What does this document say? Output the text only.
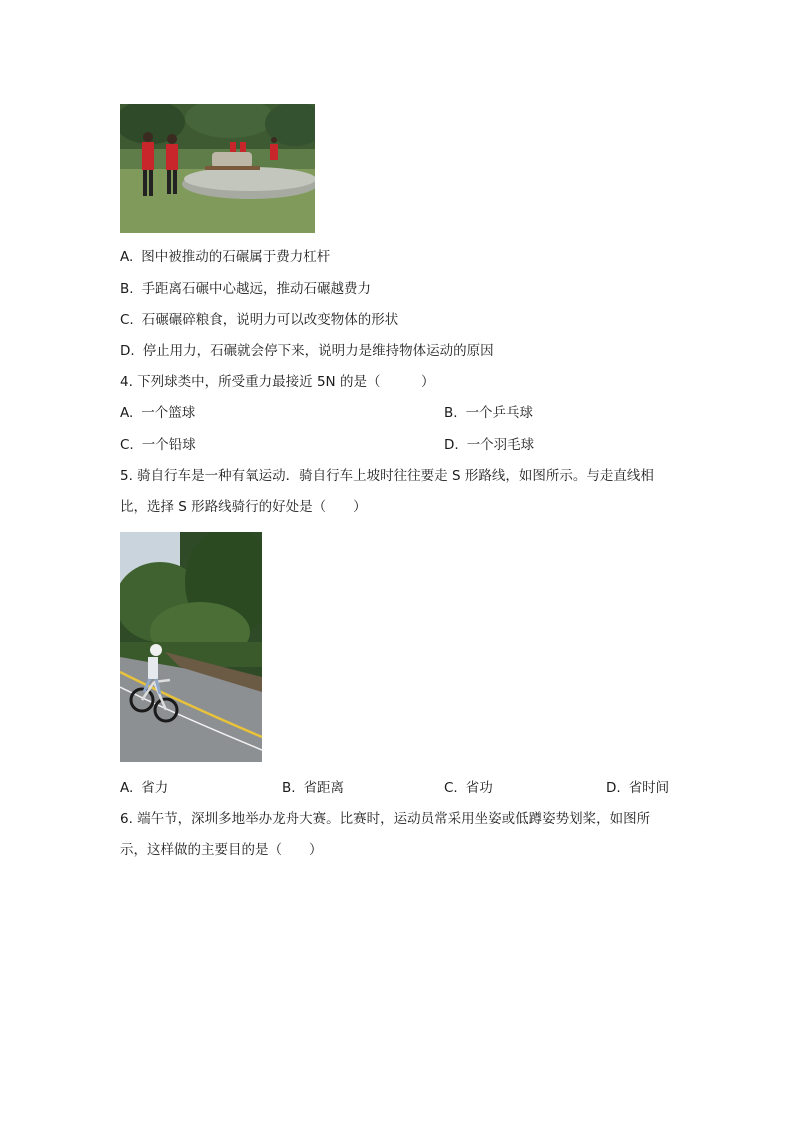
A. 图中被推动的石碾属于费力杠杆
B. 手距离石碾中心越远，推动石碾越费力
C. 石碾碾碎粮食，说明力可以改变物体的形状
D. 停止用力，石碾就会停下来，说明力是维持物体运动的原因
4. 下列球类中，所受重力最接近 5N 的是（　　　）
A. 一个篮球	B. 一个乒乓球
C. 一个铅球	D. 一个羽毛球
5. 骑自行车是一种有氧运动．骑自行车上坡时往往要走 S 形路线，如图所示。与走直线相
比，选择 S 形路线骑行的好处是（　　）
A. 省力	B. 省距离	C. 省功	D. 省时间
6. 端午节，深圳多地举办龙舟大赛。比赛时，运动员常采用坐姿或低蹲姿势划桨，如图所
示，这样做的主要目的是（　　）
